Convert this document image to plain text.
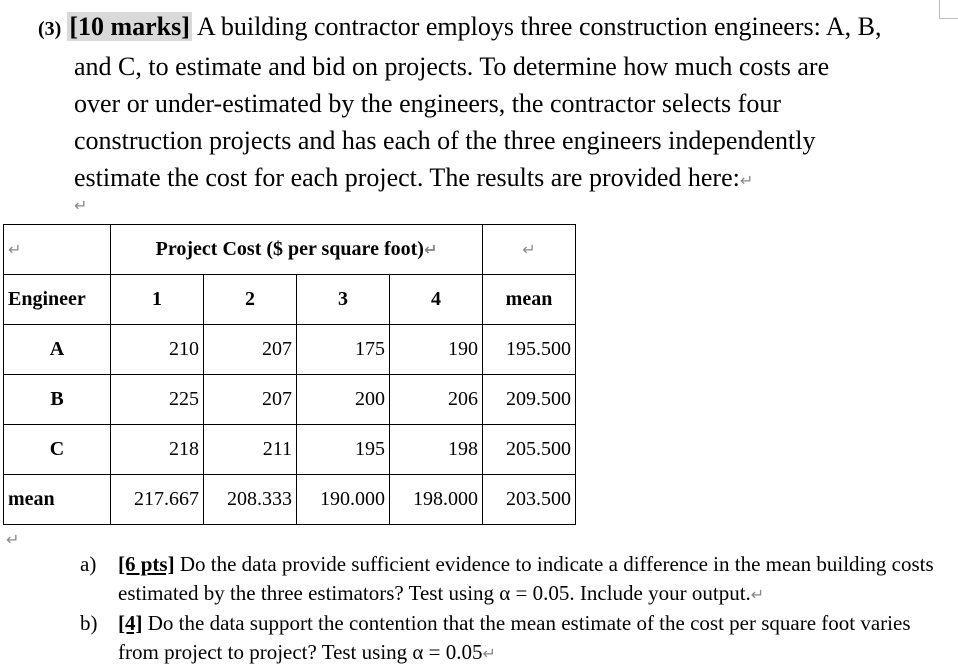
(3) [10 marks] A building contractor employs three construction engineers: A, B,
and C, to estimate and bid on projects. To determine how much costs are
over or under-estimated by the engineers, the contractor selects four
construction projects and has each of the three engineers independently
estimate the cost for each project. The results are provided here:↵
↵
↵	Project Cost ($ per square foot)↵				↵
Engineer	1	2	3	4	mean
A	210	207	175	190	195.500
B	225	207	200	206	209.500
C	218	211	195	198	205.500
mean	217.667	208.333	190.000	198.000	203.500
↵
a)	[6 pts] Do the data provide sufficient evidence to indicate a difference in the mean building costs estimated by the three estimators? Test using α = 0.05. Include your output.↵
b) [4] Do the data support the contention that the mean estimate of the cost per square foot varies from project to project? Test using α = 0.05↵
